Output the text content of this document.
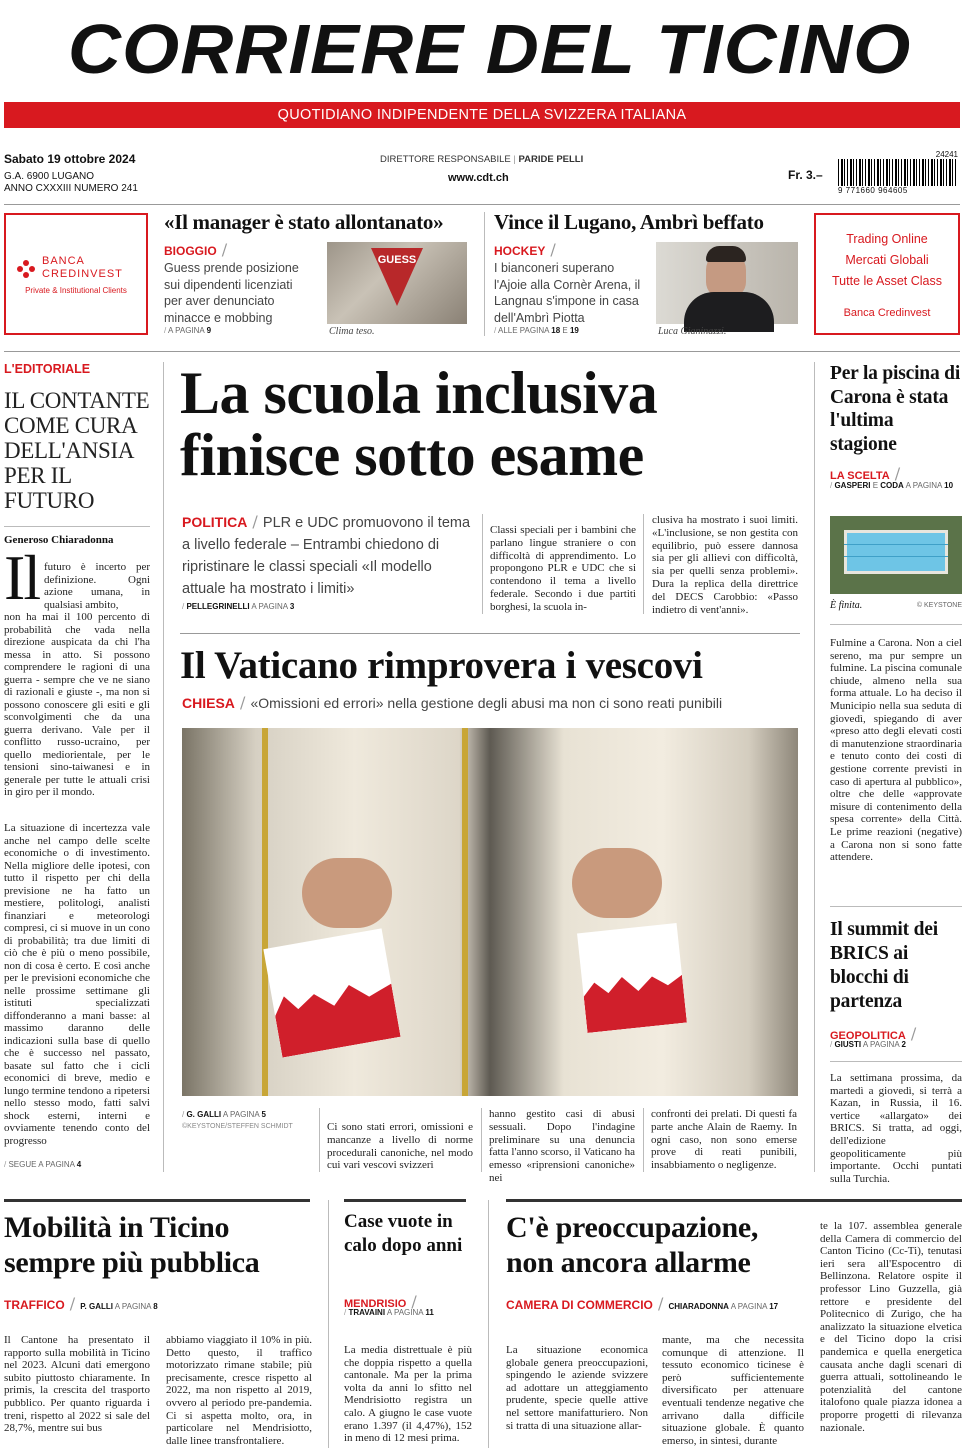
CORRIERE DEL TICINO
QUOTIDIANO INDIPENDENTE DELLA SVIZZERA ITALIANA
Sabato 19 ottobre 2024
G.A. 6900 LUGANO
ANNO CXXXIII NUMERO 241
DIRETTORE RESPONSABILE | PARIDE PELLI
www.cdt.ch	Fr. 3.–
24241
9 771660 964605
BANCA
CREDINVEST
Private & Institutional Clients
«Il manager è stato allontanato»
BIOGGIO /
Guess prende posizione sui dipendenti licenziati per aver denunciato minacce e mobbing
/ A PAGINA 9
GUESS
Clima teso.
Vince il Lugano, Ambrì beffato
HOCKEY /
I bianconeri superano l'Ajoie alla Cornèr Arena, il Langnau s'impone in casa dell'Ambrì Piotta
/ ALLE PAGINA 18 E 19	Luca Gianinazzi.
Trading Online
Mercati Globali
Tutte le Asset Class
Banca Credinvest
L'EDITORIALE
IL CONTANTE COME CURA DELL'ANSIA PER IL FUTURO
Generoso Chiaradonna
Il futuro è incerto per definizione. Ogni azione umana, in qualsiasi ambito,
non ha mai il 100 percento di probabilità che vada nella direzione auspicata da chi l'ha messa in atto. Si possono comprendere le ragioni di una guerra - sempre che ve ne siano di razionali e giuste -, ma non si possono conoscere gli esiti e gli sconvolgimenti che da una guerra derivano. Vale per il conflitto russo-ucraino, per quello mediorientale, per le tensioni sino-taiwanesi e in generale per tutte le attuali crisi in giro per il mondo.
La situazione di incertezza vale anche nel campo delle scelte economiche o di investimento. Nella migliore delle ipotesi, con tutto il rispetto per chi della previsione ne ha fatto un mestiere, politologi, analisti finanziari e meteorologi compresi, ci si muove in un cono di probabilità; tra due limiti di ciò che è più o meno possibile, non di cosa è certo. E così anche per le previsioni economiche che nelle prossime settimane gli istituti specializzati diffonderanno a mani basse: al massimo daranno delle indicazioni sulla base di quello che è successo nel passato, basate sul fatto che i cicli economici di breve, medio e lungo termine tendono a ripetersi nello stesso modo, fatti salvi shock esterni, interni e ovviamente tenendo conto del progresso
/ SEGUE A PAGINA 4
La scuola inclusiva
finisce sotto esame
POLITICA / PLR e UDC promuovono il tema a livello federale – Entrambi chiedono di ripristinare le classi speciali «Il modello attuale ha mostrato i limiti»
/ PELLEGRINELLI A PAGINA 3
Classi speciali per i bambini che parlano lingue straniere o con difficoltà di apprendimento. Lo propongono PLR e UDC che si contendono il tema a livello federale. Secondo i due partiti borghesi, la scuola in-
clusiva ha mostrato i suoi limiti. «L'inclusione, se non gestita con equilibrio, può essere dannosa sia per gli allievi con difficoltà, sia per quelli senza problemi». Dura la replica della direttrice del DECS Carobbio: «Passo indietro di vent'anni».
Il Vaticano rimprovera i vescovi
CHIESA / «Omissioni ed errori» nella gestione degli abusi ma non ci sono reati punibili
/ G. GALLI A PAGINA 5
©KEYSTONE/STEFFEN SCHMIDT	Ci sono stati errori, omissioni e mancanze a livello di norme procedurali canoniche, nel modo cui vari vescovi svizzeri
hanno gestito casi di abusi sessuali. Dopo l'indagine preliminare su una denuncia fatta l'anno scorso, il Vaticano ha emesso «riprensioni canoniche» nei
confronti dei prelati. Di questi fa parte anche Alain de Raemy. In ogni caso, non sono emerse prove di reati punibili, insabbiamento o negligenze.
Per la piscina di Carona è stata l'ultima stagione
LA SCELTA /
/ GASPERI E CODA A PAGINA 10
È finita.	© KEYSTONE
Fulmine a Carona. Non a ciel sereno, ma pur sempre un fulmine. La piscina comunale chiude, almeno nella sua forma attuale. Lo ha deciso il Municipio nella sua seduta di giovedì, spiegando di aver «preso atto degli elevati costi di manutenzione straordinaria e tenuto conto dei costi di gestione corrente previsti in caso di apertura al pubblico», oltre che delle «approvate misure di contenimento della spesa corrente» della Città. Le prime reazioni (negative) a Carona non si sono fatte attendere.
Il summit dei BRICS ai blocchi di partenza
GEOPOLITICA /
/ GIUSTI A PAGINA 2
La settimana prossima, da martedì a giovedì, si terrà a Kazan, in Russia, il 16. vertice «allargato» dei BRICS. Si tratta, ad oggi, dell'edizione geopoliticamente più importante. Occhi puntati sulla Turchia.
Mobilità in Ticino sempre più pubblica
TRAFFICO / P. GALLI A PAGINA 8
Il Cantone ha presentato il rapporto sulla mobilità in Ticino nel 2023. Alcuni dati emergono subito piuttosto chiaramente. In primis, la crescita del trasporto pubblico. Per quanto riguarda i treni, rispetto al 2022 si sale del 28,7%, mentre sui bus
abbiamo viaggiato il 10% in più. Detto questo, il traffico motorizzato rimane stabile; più precisamente, cresce rispetto al 2022, ma non rispetto al 2019, ovvero al periodo pre-pandemia. Ci si aspetta molto, ora, in particolare nel Mendrisiotto, dalle linee transfrontaliere.
Case vuote in calo dopo anni
MENDRISIO /
/ TRAVAINI A PAGINA 11
La media distrettuale è più che doppia rispetto a quella cantonale. Ma per la prima volta da anni lo sfitto nel Mendrisiotto registra un calo. A giugno le case vuote erano 1.397 (il 4,47%), 152 in meno di 12 mesi prima.
C'è preoccupazione, non ancora allarme
CAMERA DI COMMERCIO / CHIARADONNA A PAGINA 17
La situazione economica globale genera preoccupazioni, spingendo le aziende svizzere ad adottare un atteggiamento prudente, specie quelle attive nel settore manifatturiero. Non si tratta di una situazione allar-
mante, ma che necessita comunque di attenzione. Il tessuto economico ticinese è però sufficientemente diversificato per attenuare eventuali tendenze negative che arrivano dalla difficile situazione globale. È quanto emerso, in sintesi, durante
te la 107. assemblea generale della Camera di commercio del Canton Ticino (Cc-Ti), tenutasi ieri sera all'Espocentro di Bellinzona. Relatore ospite il professor Lino Guzzella, già rettore e presidente del Politecnico di Zurigo, che ha analizzato la situazione elvetica e del Ticino dopo la crisi pandemica e quella energetica causata anche dagli scenari di guerra attuali, sottolineando le potenzialità del cantone italofono quale piazza idonea a proporre progetti di rilevanza nazionale.
